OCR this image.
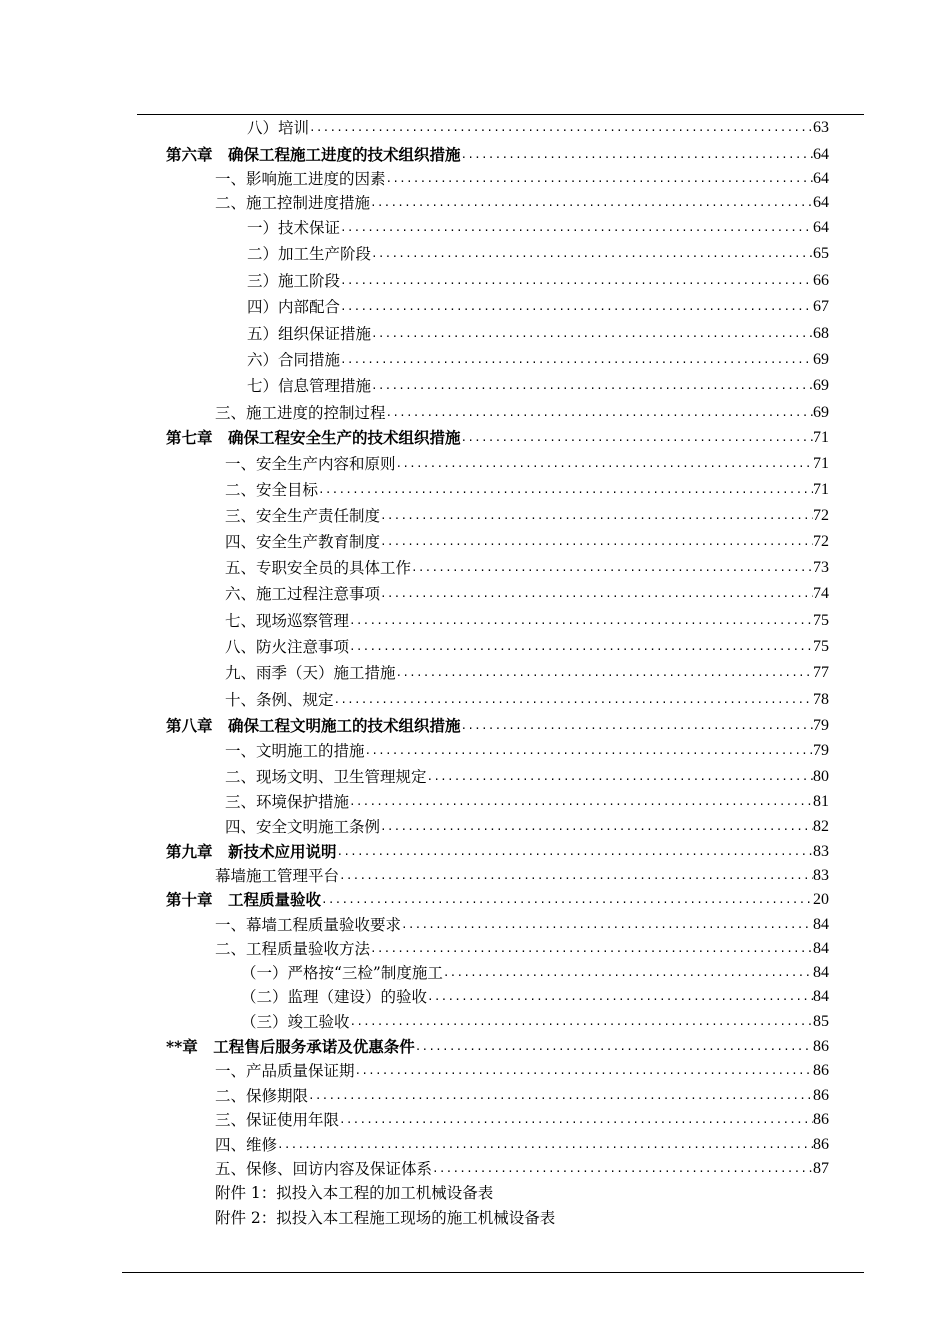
八）培训 .....	63
第六章　确保工程施工进度的技术组织措施 .....	64
一、影响施工进度的因素 .....	64
二、施工控制进度措施 .....	64
一）技术保证 .....	64
二）加工生产阶段 .....	65
三）施工阶段 .....	66
四）内部配合 .....	67
五）组织保证措施 .....	68
六）合同措施 .....	69
七）信息管理措施 .....	69
三、施工进度的控制过程 .....	69
第七章　确保工程安全生产的技术组织措施 .....	71
一、安全生产内容和原则 .....	71
二、安全目标 .....	71
三、安全生产责任制度 .....	72
四、安全生产教育制度 .....	72
五、专职安全员的具体工作 .....	73
六、施工过程注意事项 .....	74
七、现场巡察管理 .....	75
八、防火注意事项 .....	75
九、雨季（天）施工措施 .....	77
十、条例、规定 .....	78
第八章　确保工程文明施工的技术组织措施 .....	79
一、文明施工的措施 .....	79
二、现场文明、卫生管理规定 .....	80
三、环境保护措施 .....	81
四、安全文明施工条例 .....	82
第九章　新技术应用说明 .....	83
幕墙施工管理平台 .....	83
第十章　工程质量验收 .....	20
一、幕墙工程质量验收要求 .....	84
二、工程质量验收方法 .....	84
（一）严格按“三检”制度施工 .....	84
（二）监理（建设）的验收 .....	84
（三）竣工验收 .....	85
**章　工程售后服务承诺及优惠条件 .....	86
一、产品质量保证期 .....	86
二、保修期限 .....	86
三、保证使用年限 .....	86
四、维修 .....	86
五、保修、回访内容及保证体系 .....	87
附件 1：拟投入本工程的加工机械设备表
附件 2：拟投入本工程施工现场的施工机械设备表
